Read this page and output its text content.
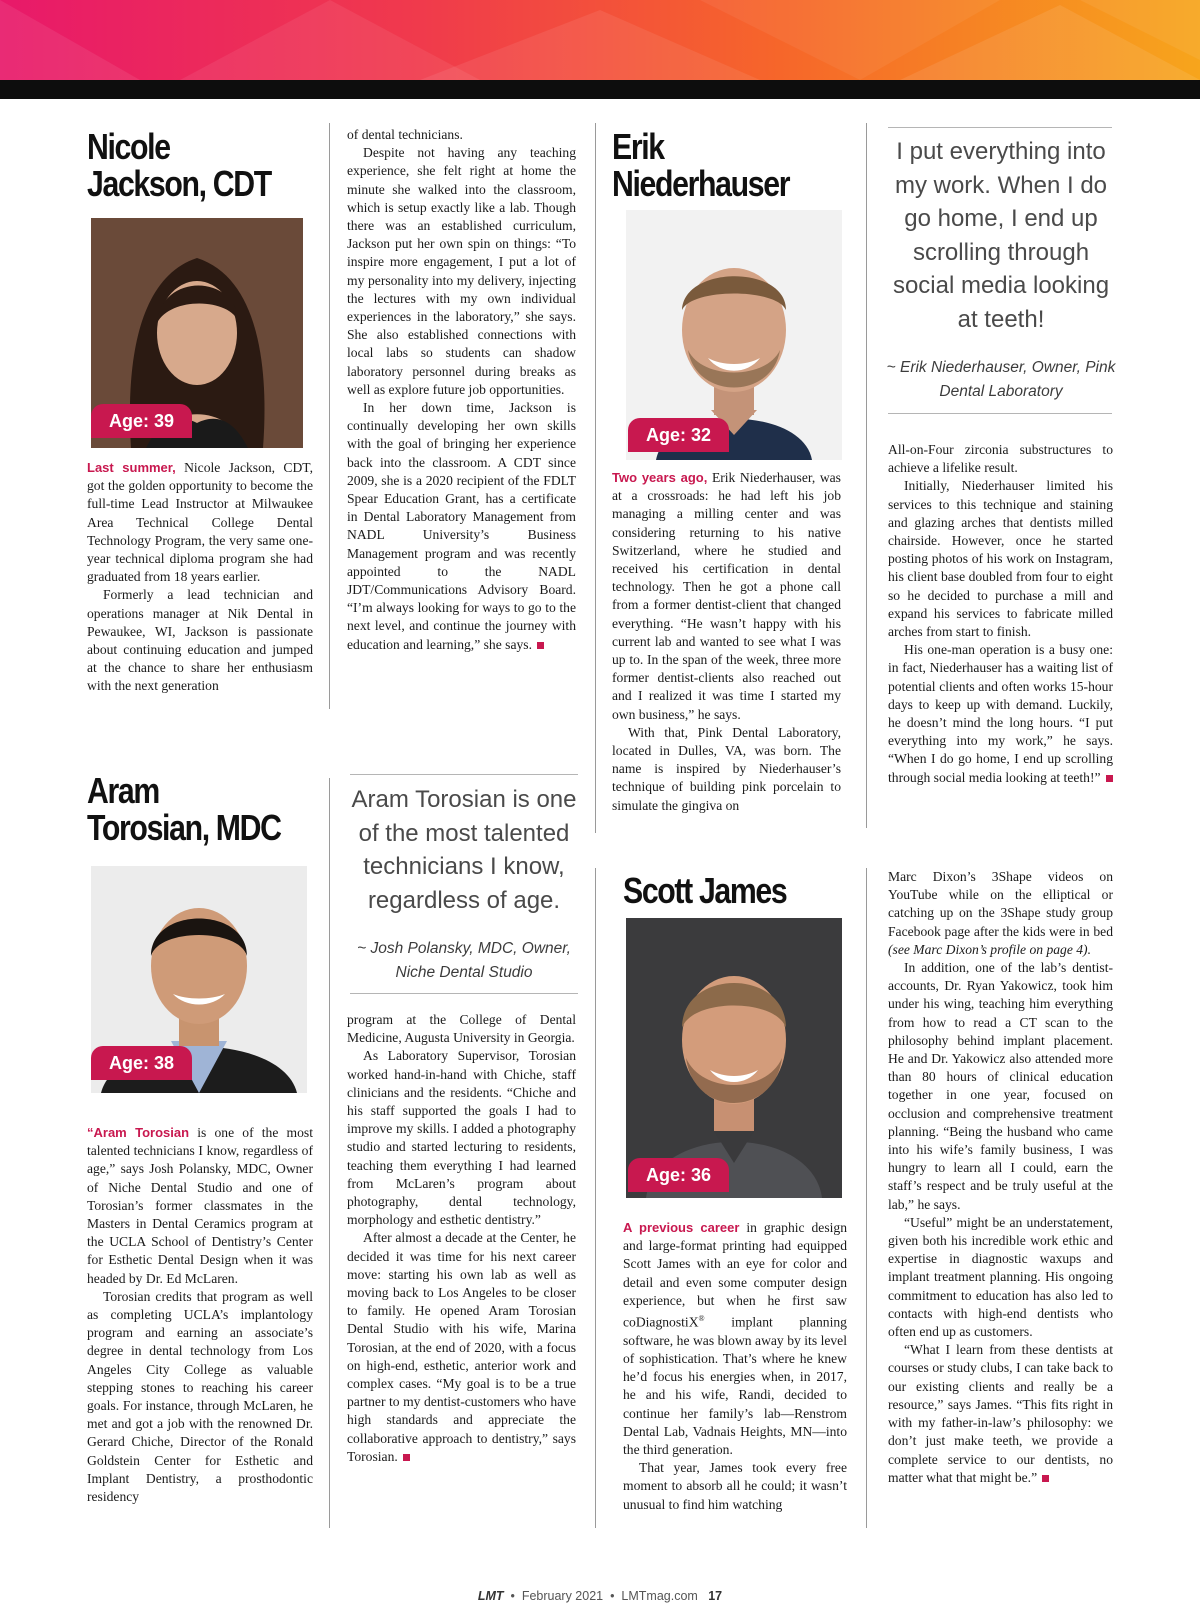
Nicole
Jackson, CDT
Age: 39

Last summer, Nicole Jackson, CDT, got the golden opportunity to become the full-time Lead Instructor at Milwaukee Area Technical College Dental Technology Program, the very same one-year technical diploma program she had graduated from 18 years earlier.

Formerly a lead technician and operations manager at Nik Dental in Pewaukee, WI, Jackson is passionate about continuing education and jumped at the chance to share her enthusiasm with the next generation

of dental technicians.

Despite not having any teaching experience, she felt right at home the minute she walked into the classroom, which is setup exactly like a lab. Though there was an established curriculum, Jackson put her own spin on things: “To inspire more engagement, I put a lot of my personality into my delivery, injecting the lectures with my own individual experiences in the laboratory,” she says. She also established connections with local labs so students can shadow laboratory personnel during breaks as well as explore future job opportunities.

In her down time, Jackson is continually developing her own skills with the goal of bringing her experience back into the classroom. A CDT since 2009, she is a 2020 recipient of the FDLT Spear Education Grant, has a certificate in Dental Laboratory Management from NADL University’s Business Management program and was recently appointed to the NADL JDT/Communications Advisory Board. “I’m always looking for ways to go to the next level, and continue the journey with education and learning,” she says.

Erik
Niederhauser
Age: 32

Two years ago, Erik Niederhauser, was at a crossroads: he had left his job managing a milling center and was considering returning to his native Switzerland, where he studied and received his certification in dental technology. Then he got a phone call from a former dentist-client that changed everything. “He wasn’t happy with his current lab and wanted to see what I was up to. In the span of the week, three more former dentist-clients also reached out and I realized it was time I started my own business,” he says.

With that, Pink Dental Laboratory, located in Dulles, VA, was born. The name is inspired by Niederhauser’s technique of building pink porcelain to simulate the gingiva on

I put everything into my work. When I do go home, I end up scrolling through social media looking at teeth!
~ Erik Niederhauser, Owner, Pink Dental Laboratory

All-on-Four zirconia substructures to achieve a lifelike result.

Initially, Niederhauser limited his services to this technique and staining and glazing arches that dentists milled chairside. However, once he started posting photos of his work on Instagram, his client base doubled from four to eight so he decided to purchase a mill and expand his services to fabricate milled arches from start to finish.

His one-man operation is a busy one: in fact, Niederhauser has a waiting list of potential clients and often works 15-hour days to keep up with demand. Luckily, he doesn’t mind the long hours. “I put everything into my work,” he says. “When I do go home, I end up scrolling through social media looking at teeth!”

Aram
Torosian, MDC
Age: 38

“Aram Torosian is one of the most talented technicians I know, regardless of age,” says Josh Polansky, MDC, Owner of Niche Dental Studio and one of Torosian’s former classmates in the Masters in Dental Ceramics program at the UCLA School of Dentistry’s Center for Esthetic Dental Design when it was headed by Dr. Ed McLaren.

Torosian credits that program as well as completing UCLA’s implantology program and earning an associate’s degree in dental technology from Los Angeles City College as valuable stepping stones to reaching his career goals. For instance, through McLaren, he met and got a job with the renowned Dr. Gerard Chiche, Director of the Ronald Goldstein Center for Esthetic and Implant Dentistry, a prosthodontic residency

Aram Torosian is one of the most talented technicians I know, regardless of age.
~ Josh Polansky, MDC, Owner, Niche Dental Studio

program at the College of Dental Medicine, Augusta University in Georgia.

As Laboratory Supervisor, Torosian worked hand-in-hand with Chiche, staff clinicians and the residents. “Chiche and his staff supported the goals I had to improve my skills. I added a photography studio and started lecturing to residents, teaching them everything I had learned from McLaren’s program about photography, dental technology, morphology and esthetic dentistry.”

After almost a decade at the Center, he decided it was time for his next career move: starting his own lab as well as moving back to Los Angeles to be closer to family. He opened Aram Torosian Dental Studio with his wife, Marina Torosian, at the end of 2020, with a focus on high-end, esthetic, anterior work and complex cases. “My goal is to be a true partner to my dentist-customers who have high standards and appreciate the collaborative approach to dentistry,” says Torosian.

Scott James
Age: 36

A previous career in graphic design and large-format printing had equipped Scott James with an eye for color and detail and even some computer design experience, but when he first saw coDiagnostiX® implant planning software, he was blown away by its level of sophistication. That’s where he knew he’d focus his energies when, in 2017, he and his wife, Randi, decided to continue her family’s lab—Renstrom Dental Lab, Vadnais Heights, MN—into the third generation.

That year, James took every free moment to absorb all he could; it wasn’t unusual to find him watching

Marc Dixon’s 3Shape videos on YouTube while on the elliptical or catching up on the 3Shape study group Facebook page after the kids were in bed (see Marc Dixon’s profile on page 4).

In addition, one of the lab’s dentist-accounts, Dr. Ryan Yakowicz, took him under his wing, teaching him everything from how to read a CT scan to the philosophy behind implant placement. He and Dr. Yakowicz also attended more than 80 hours of clinical education together in one year, focused on occlusion and comprehensive treatment planning. “Being the husband who came into his wife’s family business, I was hungry to learn all I could, earn the staff’s respect and be truly useful at the lab,” he says.

“Useful” might be an understatement, given both his incredible work ethic and expertise in diagnostic waxups and implant treatment planning. His ongoing commitment to education has also led to contacts with high-end dentists who often end up as customers.

“What I learn from these dentists at courses or study clubs, I can take back to our existing clients and really be a resource,” says James. “This fits right in with my father-in-law’s philosophy: we don’t just make teeth, we provide a complete service to our dentists, no matter what that might be.”

LMT  •  February 2021  •  LMTmag.com 17
